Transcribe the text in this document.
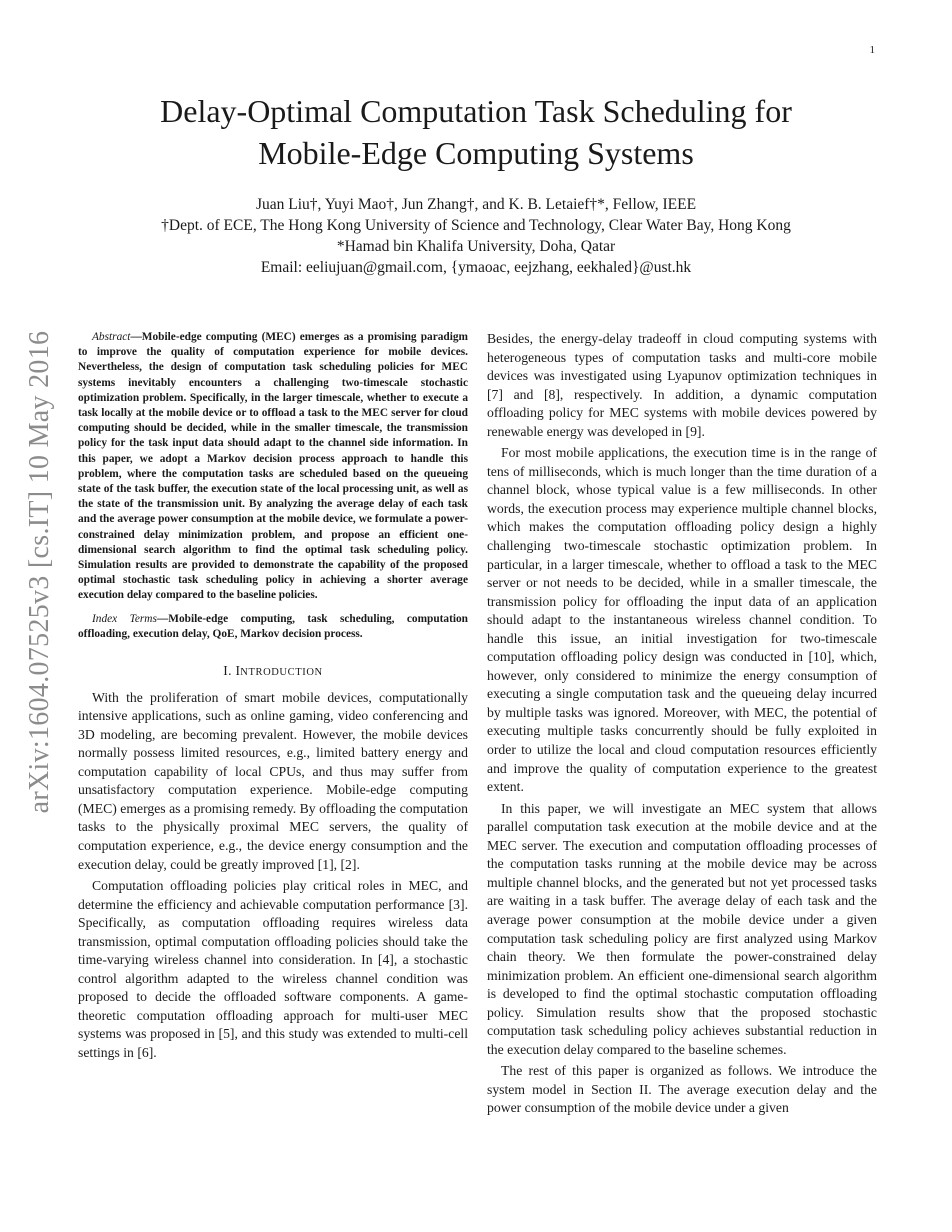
1
arXiv:1604.07525v3 [cs.IT] 10 May 2016
Delay-Optimal Computation Task Scheduling for
Mobile-Edge Computing Systems
Juan Liu†, Yuyi Mao†, Jun Zhang†, and K. B. Letaief†*, Fellow, IEEE
†Dept. of ECE, The Hong Kong University of Science and Technology, Clear Water Bay, Hong Kong
*Hamad bin Khalifa University, Doha, Qatar
Email: eeliujuan@gmail.com, {ymaoac, eejzhang, eekhaled}@ust.hk

Abstract—Mobile-edge computing (MEC) emerges as a promising paradigm to improve the quality of computation experience for mobile devices. Nevertheless, the design of computation task scheduling policies for MEC systems inevitably encounters a challenging two-timescale stochastic optimization problem. Specifically, in the larger timescale, whether to execute a task locally at the mobile device or to offload a task to the MEC server for cloud computing should be decided, while in the smaller timescale, the transmission policy for the task input data should adapt to the channel side information. In this paper, we adopt a Markov decision process approach to handle this problem, where the computation tasks are scheduled based on the queueing state of the task buffer, the execution state of the local processing unit, as well as the state of the transmission unit. By analyzing the average delay of each task and the average power consumption at the mobile device, we formulate a power-constrained delay minimization problem, and propose an efficient one-dimensional search algorithm to find the optimal task scheduling policy. Simulation results are provided to demonstrate the capability of the proposed optimal stochastic task scheduling policy in achieving a shorter average execution delay compared to the baseline policies.

Index Terms—Mobile-edge computing, task scheduling, computation offloading, execution delay, QoE, Markov decision process.

I. INTRODUCTION

With the proliferation of smart mobile devices, computationally intensive applications, such as online gaming, video conferencing and 3D modeling, are becoming prevalent. However, the mobile devices normally possess limited resources, e.g., limited battery energy and computation capability of local CPUs, and thus may suffer from unsatisfactory computation experience. Mobile-edge computing (MEC) emerges as a promising remedy. By offloading the computation tasks to the physically proximal MEC servers, the quality of computation experience, e.g., the device energy consumption and the execution delay, could be greatly improved [1], [2].

Computation offloading policies play critical roles in MEC, and determine the efficiency and achievable computation performance [3]. Specifically, as computation offloading requires wireless data transmission, optimal computation offloading policies should take the time-varying wireless channel into consideration. In [4], a stochastic control algorithm adapted to the wireless channel condition was proposed to decide the offloaded software components. A game-theoretic computation offloading approach for multi-user MEC systems was proposed in [5], and this study was extended to multi-cell settings in [6].

Besides, the energy-delay tradeoff in cloud computing systems with heterogeneous types of computation tasks and multi-core mobile devices was investigated using Lyapunov optimization techniques in [7] and [8], respectively. In addition, a dynamic computation offloading policy for MEC systems with mobile devices powered by renewable energy was developed in [9].

For most mobile applications, the execution time is in the range of tens of milliseconds, which is much longer than the time duration of a channel block, whose typical value is a few milliseconds. In other words, the execution process may experience multiple channel blocks, which makes the computation offloading policy design a highly challenging two-timescale stochastic optimization problem. In particular, in a larger timescale, whether to offload a task to the MEC server or not needs to be decided, while in a smaller timescale, the transmission policy for offloading the input data of an application should adapt to the instantaneous wireless channel condition. To handle this issue, an initial investigation for two-timescale computation offloading policy design was conducted in [10], which, however, only considered to minimize the energy consumption of executing a single computation task and the queueing delay incurred by multiple tasks was ignored. Moreover, with MEC, the potential of executing multiple tasks concurrently should be fully exploited in order to utilize the local and cloud computation resources efficiently and improve the quality of computation experience to the greatest extent.

In this paper, we will investigate an MEC system that allows parallel computation task execution at the mobile device and at the MEC server. The execution and computation offloading processes of the computation tasks running at the mobile device may be across multiple channel blocks, and the generated but not yet processed tasks are waiting in a task buffer. The average delay of each task and the average power consumption at the mobile device under a given computation task scheduling policy are first analyzed using Markov chain theory. We then formulate the power-constrained delay minimization problem. An efficient one-dimensional search algorithm is developed to find the optimal stochastic computation offloading policy. Simulation results show that the proposed stochastic computation task scheduling policy achieves substantial reduction in the execution delay compared to the baseline schemes.

The rest of this paper is organized as follows. We introduce the system model in Section II. The average execution delay and the power consumption of the mobile device under a given
